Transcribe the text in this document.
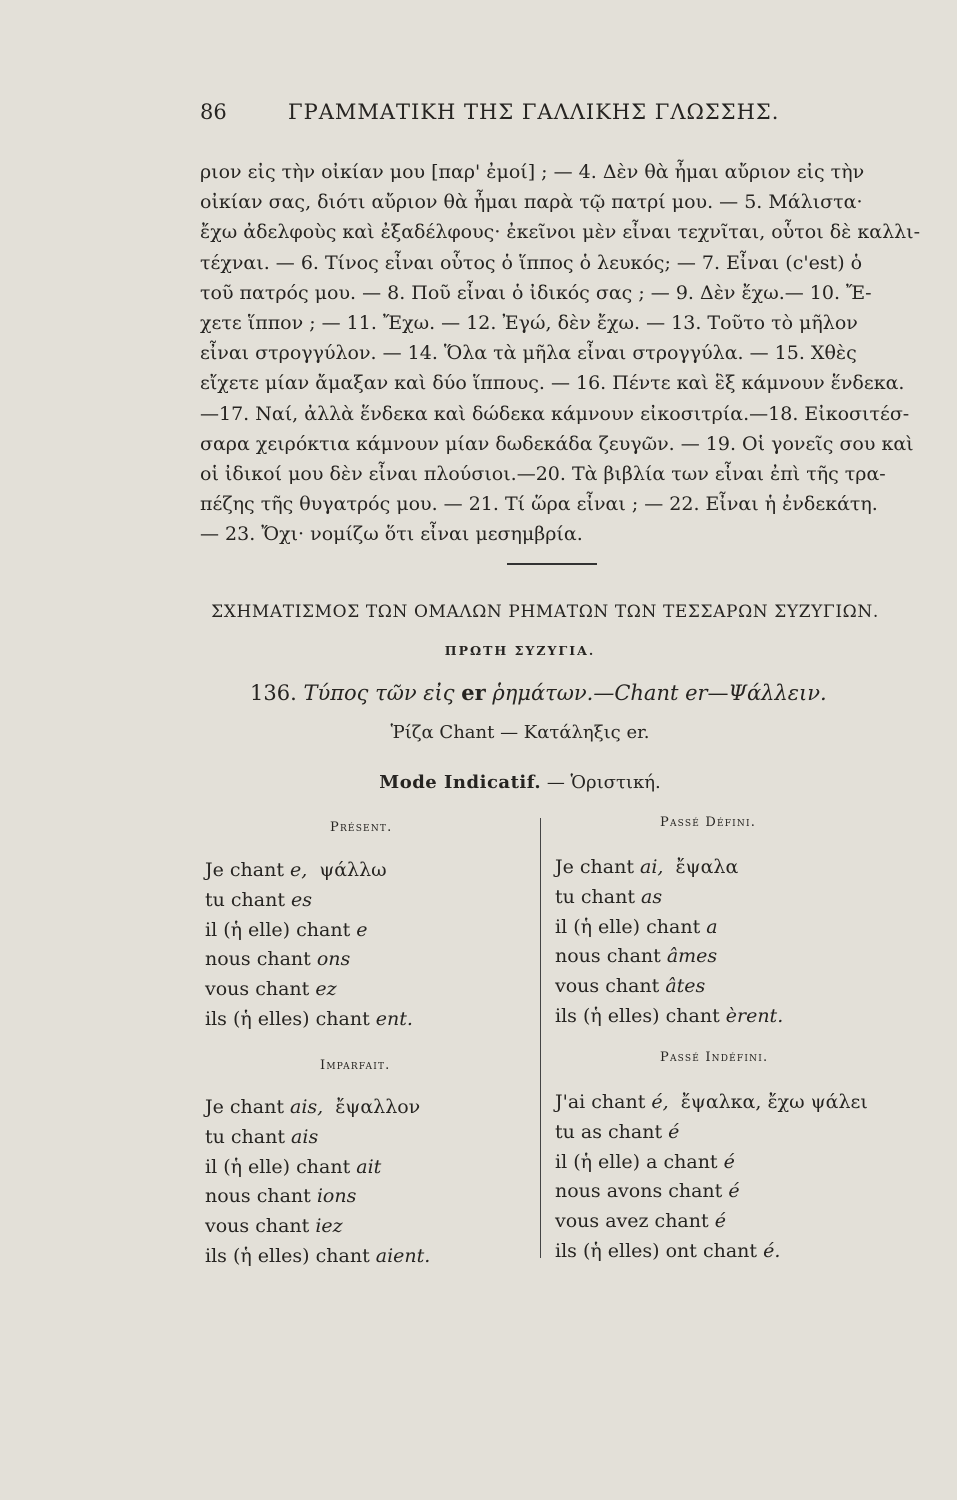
86	ΓΡΑΜΜΑΤΙΚΗ ΤΗΣ ΓΑΛΛΙΚΗΣ ΓΛΩΣΣΗΣ.
ριον εἰς τὴν οἰκίαν μου [παρ' ἐμοί] ; — 4. Δὲν θὰ ἦμαι αὔριον εἰς τὴν
οἰκίαν σας, διότι αὔριον θὰ ἦμαι παρὰ τῷ πατρί μου. — 5. Μάλιστα·
ἔχω ἀδελφοὺς καὶ ἐξαδέλφους· ἐκεῖνοι μὲν εἶναι τεχνῖται, οὗτοι δὲ καλλι-
τέχναι. — 6. Τίνος εἶναι οὗτος ὁ ἵππος ὁ λευκός; — 7. Εἶναι (c'est) ὁ
τοῦ πατρός μου. — 8. Ποῦ εἶναι ὁ ἰδικός σας ; — 9. Δὲν ἔχω.— 10. Ἔ-
χετε ἵππον ; — 11. Ἔχω. — 12. Ἐγώ, δὲν ἔχω. — 13. Τοῦτο τὸ μῆλον
εἶναι στρογγύλον. — 14. Ὅλα τὰ μῆλα εἶναι στρογγύλα. — 15. Χθὲς
εἴχετε μίαν ἄμαξαν καὶ δύο ἵππους. — 16. Πέντε καὶ ἓξ κάμνουν ἕνδεκα.
—17. Ναί, ἀλλὰ ἕνδεκα καὶ δώδεκα κάμνουν εἰκοσιτρία.—18. Εἰκοσιτέσ-
σαρα χειρόκτια κάμνουν μίαν δωδεκάδα ζευγῶν. — 19. Οἱ γονεῖς σου καὶ
οἱ ἰδικοί μου δὲν εἶναι πλούσιοι.—20. Τὰ βιβλία των εἶναι ἐπὶ τῆς τρα-
πέζης τῆς θυγατρός μου. — 21. Τί ὥρα εἶναι ; — 22. Εἶναι ἡ ἐνδεκάτη.
— 23. Ὄχι· νομίζω ὅτι εἶναι μεσημβρία.
ΣΧΗΜΑΤΙΣΜΟΣ ΤΩΝ ΟΜΑΛΩΝ ΡΗΜΑΤΩΝ ΤΩΝ ΤΕΣΣΑΡΩΝ ΣΥΖΥΓΙΩΝ.
ΠΡΩΤΗ ΣΥΖΥΓΙΑ.
136. Τύπος τῶν εἰς er ῥημάτων.—Chant er—Ψάλλειν.
Ῥίζα Chant — Κατάληξις er.
Mode Indicatif. — Ὁριστική.
Présent.
Je chant e, ψάλλω
tu chant es
il (ἡ elle) chant e
nous chant ons
vous chant ez
ils (ἡ elles) chant ent.
Imparfait.
Je chant ais, ἔψαλλον
tu chant ais
il (ἡ elle) chant ait
nous chant ions
vous chant iez
ils (ἡ elles) chant aient.
Passé Défini.
Je chant ai, ἔψαλα
tu chant as
il (ἡ elle) chant a
nous chant âmes
vous chant âtes
ils (ἡ elles) chant èrent.
Passé Indéfini.
J'ai chant é, ἔψαλκα, ἔχω ψάλει
tu as chant é
il (ἡ elle) a chant é
nous avons chant é
vous avez chant é
ils (ἡ elles) ont chant é.
